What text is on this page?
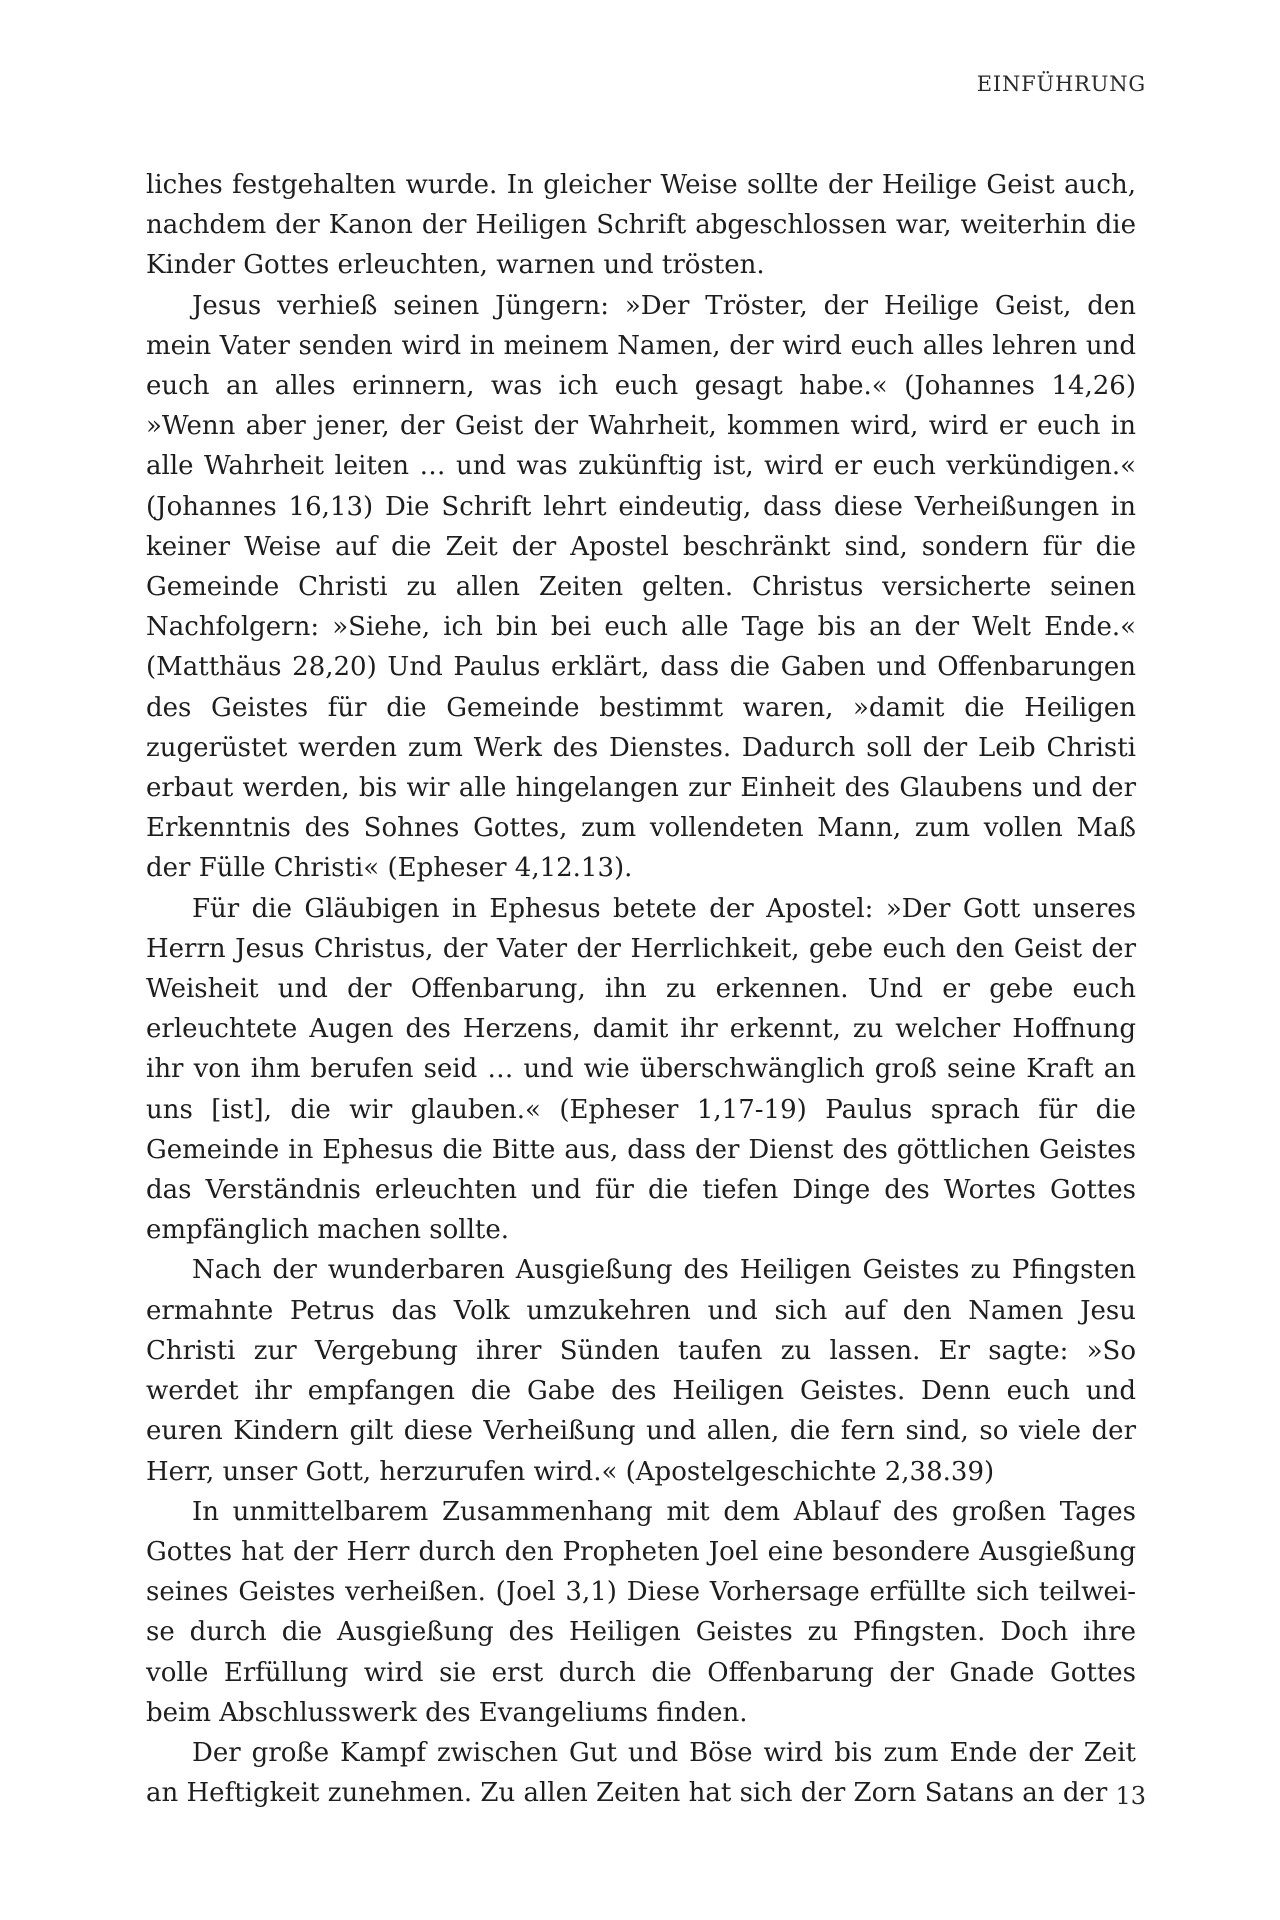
EINFÜHRUNG

liches festgehalten wurde. In gleicher Weise sollte der Heilige Geist auch, nachdem der Kanon der Heiligen Schrift abgeschlossen war, weiterhin die Kinder Gottes erleuchten, warnen und trösten.

Jesus verhieß seinen Jüngern: »Der Tröster, der Heilige Geist, den mein Vater senden wird in meinem Namen, der wird euch alles lehren und euch an alles erinnern, was ich euch gesagt habe.« (Johannes 14,26) »Wenn aber jener, der Geist der Wahrheit, kommen wird, wird er euch in alle Wahrheit leiten … und was zukünftig ist, wird er euch verkündigen.« (Johannes 16,13) Die Schrift lehrt eindeutig, dass diese Verheißungen in keiner Weise auf die Zeit der Apostel beschränkt sind, sondern für die Gemeinde Christi zu allen Zeiten gelten. Christus versicherte seinen Nachfolgern: »Siehe, ich bin bei euch alle Tage bis an der Welt Ende.« (Matthäus 28,20) Und Paulus erklärt, dass die Gaben und Offenbarungen des Geistes für die Gemeinde bestimmt waren, »damit die Heiligen zugerüstet werden zum Werk des Dienstes. Dadurch soll der Leib Christi erbaut werden, bis wir alle hingelangen zur Einheit des Glaubens und der Erkenntnis des Sohnes Gottes, zum vollendeten Mann, zum vollen Maß der Fülle Christi« (Epheser 4,12.13).

Für die Gläubigen in Ephesus betete der Apostel: »Der Gott unseres Herrn Jesus Christus, der Vater der Herrlichkeit, gebe euch den Geist der Weisheit und der Offenbarung, ihn zu erkennen. Und er gebe euch erleuchtete Augen des Herzens, damit ihr erkennt, zu welcher Hoffnung ihr von ihm berufen seid … und wie überschwänglich groß seine Kraft an uns [ist], die wir glauben.« (Epheser 1,17-19) Paulus sprach für die Gemeinde in Ephesus die Bitte aus, dass der Dienst des göttlichen Geistes das Verständnis erleuchten und für die tiefen Dinge des Wortes Gottes empfänglich machen sollte.

Nach der wunderbaren Ausgießung des Heiligen Geistes zu Pfingsten ermahnte Petrus das Volk umzukehren und sich auf den Namen Jesu Christi zur Vergebung ihrer Sünden taufen zu lassen. Er sagte: »So werdet ihr empfangen die Gabe des Heiligen Geistes. Denn euch und euren Kindern gilt diese Verheißung und allen, die fern sind, so viele der Herr, unser Gott, herzurufen wird.« (Apostelgeschichte 2,38.39)

In unmittelbarem Zusammenhang mit dem Ablauf des großen Tages Gottes hat der Herr durch den Propheten Joel eine besondere Ausgießung seines Geistes verheißen. (Joel 3,1) Diese Vorhersage erfüllte sich teilweise durch die Ausgießung des Heiligen Geistes zu Pfingsten. Doch ihre volle Erfüllung wird sie erst durch die Offenbarung der Gnade Gottes beim Abschlusswerk des Evangeliums finden.

Der große Kampf zwischen Gut und Böse wird bis zum Ende der Zeit an Heftigkeit zunehmen. Zu allen Zeiten hat sich der Zorn Satans an der 13
